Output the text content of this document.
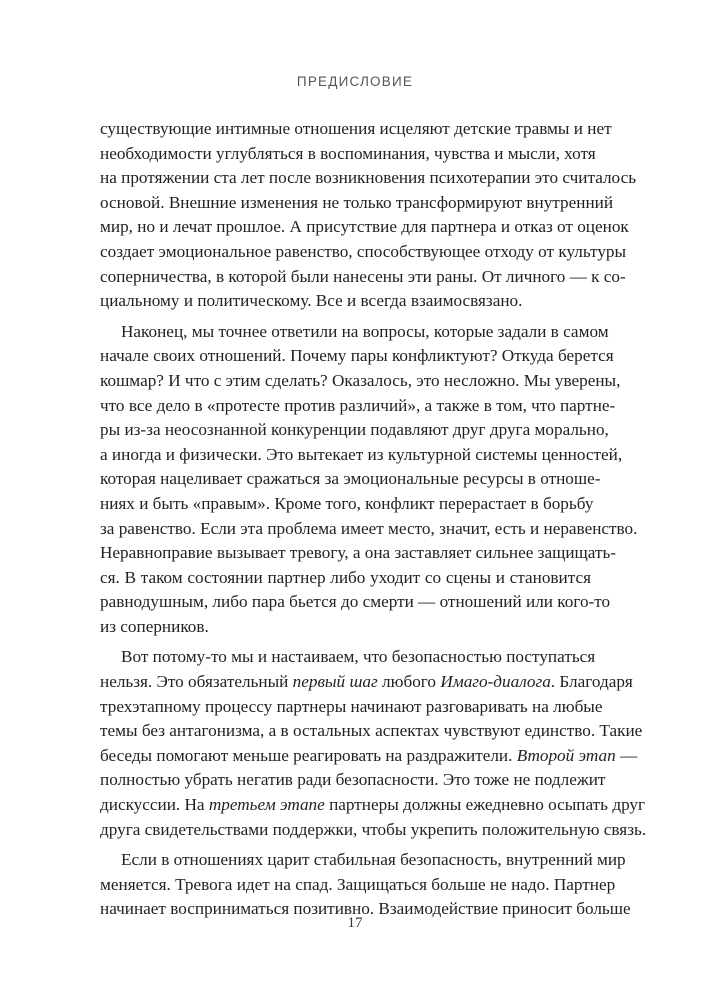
ПРЕДИСЛОВИЕ
существующие интимные отношения исцеляют детские травмы и нет
необходимости углубляться в воспоминания, чувства и мысли, хотя
на протяжении ста лет после возникновения психотерапии это считалось
основой. Внешние изменения не только трансформируют внутренний
мир, но и лечат прошлое. А присутствие для партнера и отказ от оценок
создает эмоциональное равенство, способствующее отходу от культуры
соперничества, в которой были нанесены эти раны. От личного — к со-
циальному и политическому. Все и всегда взаимосвязано.
Наконец, мы точнее ответили на вопросы, которые задали в самом
начале своих отношений. Почему пары конфликтуют? Откуда берется
кошмар? И что с этим сделать? Оказалось, это несложно. Мы уверены,
что все дело в «протесте против различий», а также в том, что партне-
ры из-за неосознанной конкуренции подавляют друг друга морально,
а иногда и физически. Это вытекает из культурной системы ценностей,
которая нацеливает сражаться за эмоциональные ресурсы в отноше-
ниях и быть «правым». Кроме того, конфликт перерастает в борьбу
за равенство. Если эта проблема имеет место, значит, есть и неравенство.
Неравноправие вызывает тревогу, а она заставляет сильнее защищать-
ся. В таком состоянии партнер либо уходит со сцены и становится
равнодушным, либо пара бьется до смерти — отношений или кого-то
из соперников.
Вот потому-то мы и настаиваем, что безопасностью поступаться
нельзя. Это обязательный первый шаг любого Имаго-диалога. Благодаря
трехэтапному процессу партнеры начинают разговаривать на любые
темы без антагонизма, а в остальных аспектах чувствуют единство. Такие
беседы помогают меньше реагировать на раздражители. Второй этап —
полностью убрать негатив ради безопасности. Это тоже не подлежит
дискуссии. На третьем этапе партнеры должны ежедневно осыпать друг
друга свидетельствами поддержки, чтобы укрепить положительную связь.
Если в отношениях царит стабильная безопасность, внутренний мир
меняется. Тревога идет на спад. Защищаться больше не надо. Партнер
начинает восприниматься позитивно. Взаимодействие приносит больше
17
